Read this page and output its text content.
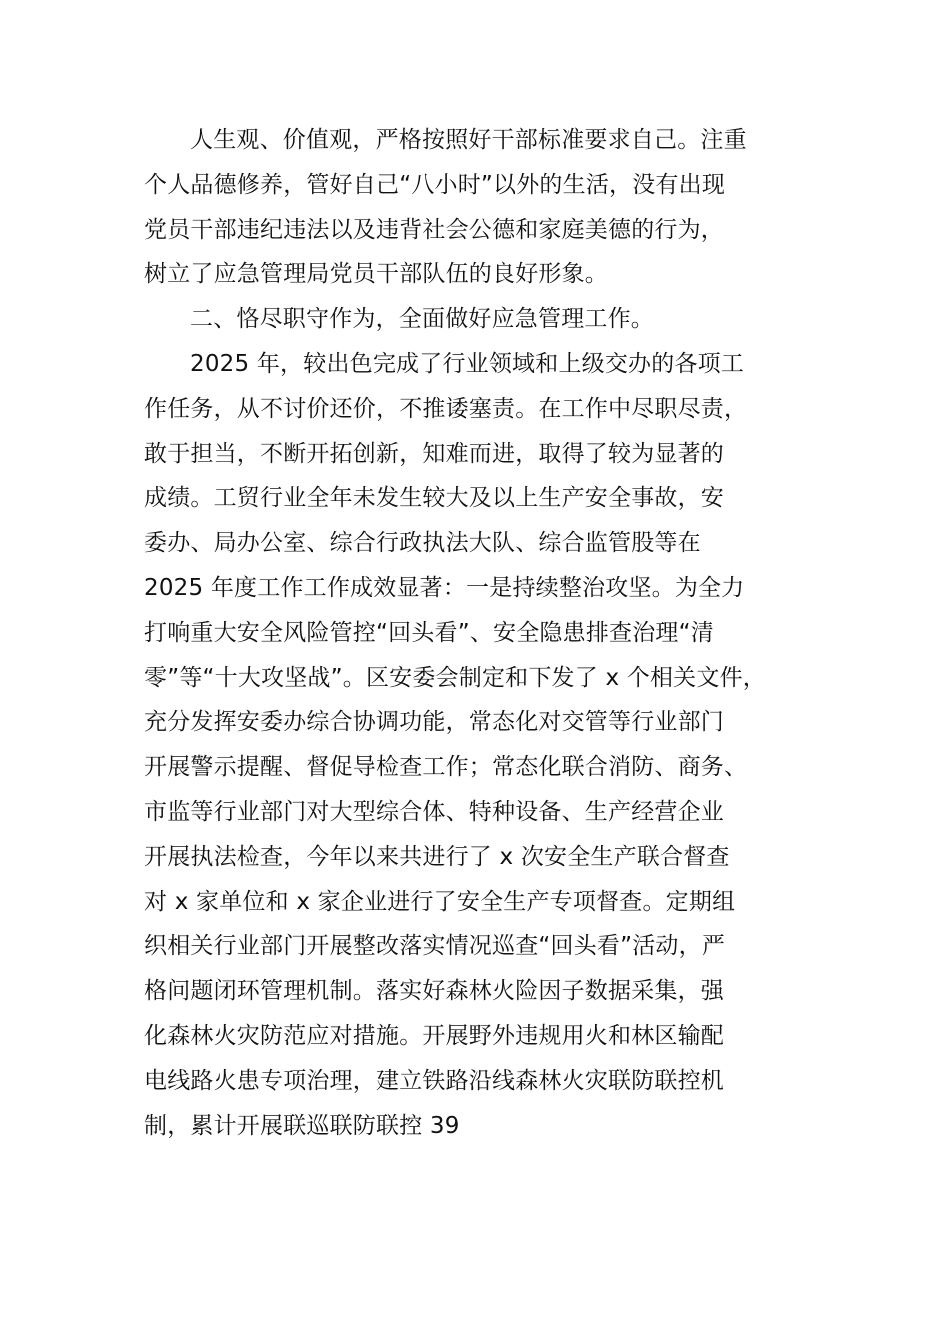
人生观、价值观，严格按照好干部标准要求自己。注重
个人品德修养，管好自己“八小时”以外的生活，没有出现
党员干部违纪违法以及违背社会公德和家庭美德的行为，
树立了应急管理局党员干部队伍的良好形象。
二、恪尽职守作为，全面做好应急管理工作。
2025 年，较出色完成了行业领域和上级交办的各项工
作任务，从不讨价还价，不推诿塞责。在工作中尽职尽责，
敢于担当，不断开拓创新，知难而进，取得了较为显著的
成绩。工贸行业全年未发生较大及以上生产安全事故，安
委办、局办公室、综合行政执法大队、综合监管股等在
2025 年度工作工作成效显著：一是持续整治攻坚。为全力
打响重大安全风险管控“回头看”、安全隐患排查治理“清
零”等“十大攻坚战”。区安委会制定和下发了 x 个相关文件，
充分发挥安委办综合协调功能，常态化对交管等行业部门
开展警示提醒、督促导检查工作；常态化联合消防、商务、
市监等行业部门对大型综合体、特种设备、生产经营企业
开展执法检查，今年以来共进行了 x 次安全生产联合督查
对 x 家单位和 x 家企业进行了安全生产专项督查。定期组
织相关行业部门开展整改落实情况巡查“回头看”活动，严
格问题闭环管理机制。落实好森林火险因子数据采集，强
化森林火灾防范应对措施。开展野外违规用火和林区输配
电线路火患专项治理，建立铁路沿线森林火灾联防联控机
制，累计开展联巡联防联控 39
